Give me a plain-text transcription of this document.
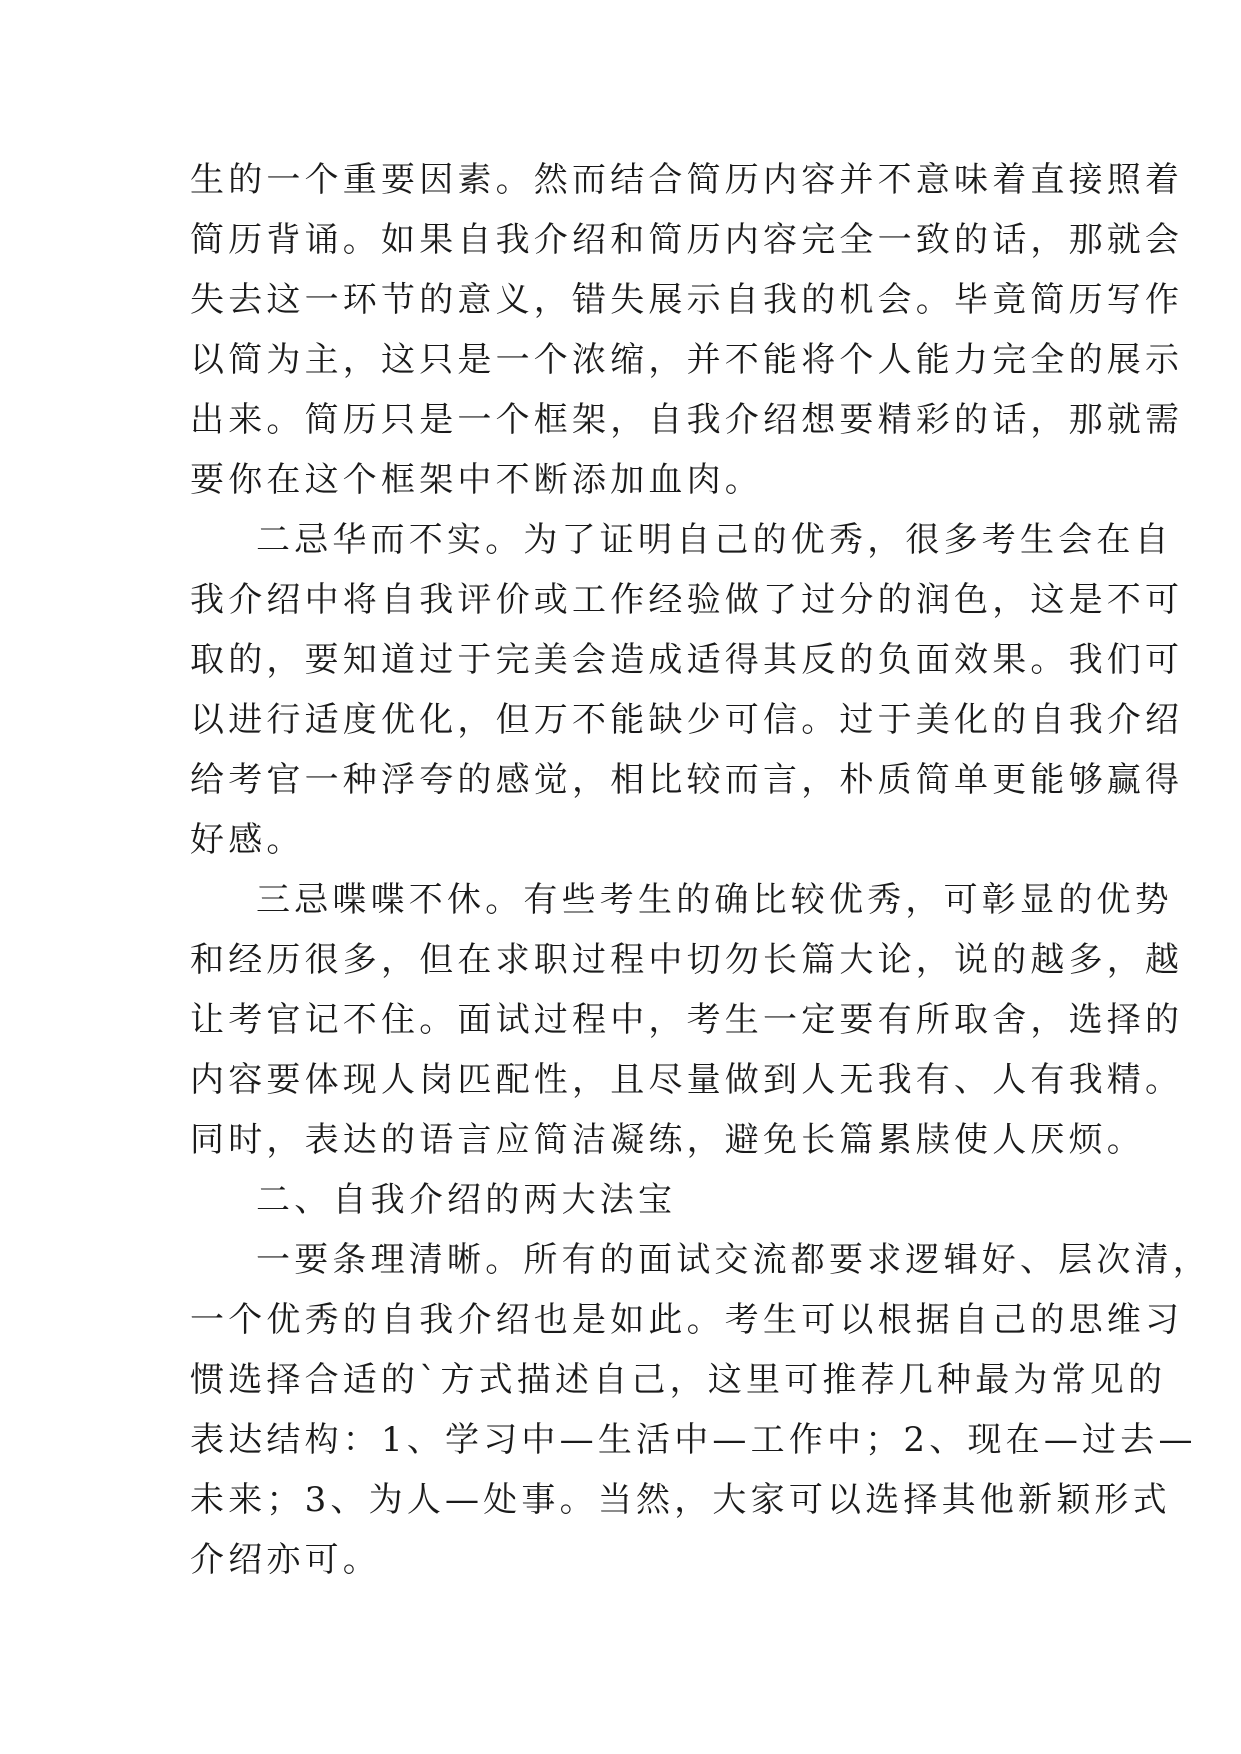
生的一个重要因素。然而结合简历内容并不意味着直接照着
简历背诵。如果自我介绍和简历内容完全一致的话，那就会
失去这一环节的意义，错失展示自我的机会。毕竟简历写作
以简为主，这只是一个浓缩，并不能将个人能力完全的展示
出来。简历只是一个框架，自我介绍想要精彩的话，那就需
要你在这个框架中不断添加血肉。
二忌华而不实。为了证明自己的优秀，很多考生会在自
我介绍中将自我评价或工作经验做了过分的润色，这是不可
取的，要知道过于完美会造成适得其反的负面效果。我们可
以进行适度优化，但万不能缺少可信。过于美化的自我介绍
给考官一种浮夸的感觉，相比较而言，朴质简单更能够赢得
好感。
三忌喋喋不休。有些考生的确比较优秀，可彰显的优势
和经历很多，但在求职过程中切勿长篇大论，说的越多，越
让考官记不住。面试过程中，考生一定要有所取舍，选择的
内容要体现人岗匹配性，且尽量做到人无我有、人有我精。
同时，表达的语言应简洁凝练，避免长篇累牍使人厌烦。
二、自我介绍的两大法宝
一要条理清晰。所有的面试交流都要求逻辑好、层次清，
一个优秀的自我介绍也是如此。考生可以根据自己的思维习
惯选择合适的`方式描述自己，这里可推荐几种最为常见的
表达结构：1、学习中—生活中—工作中；2、现在—过去—
未来；3、为人—处事。当然，大家可以选择其他新颖形式
介绍亦可。
